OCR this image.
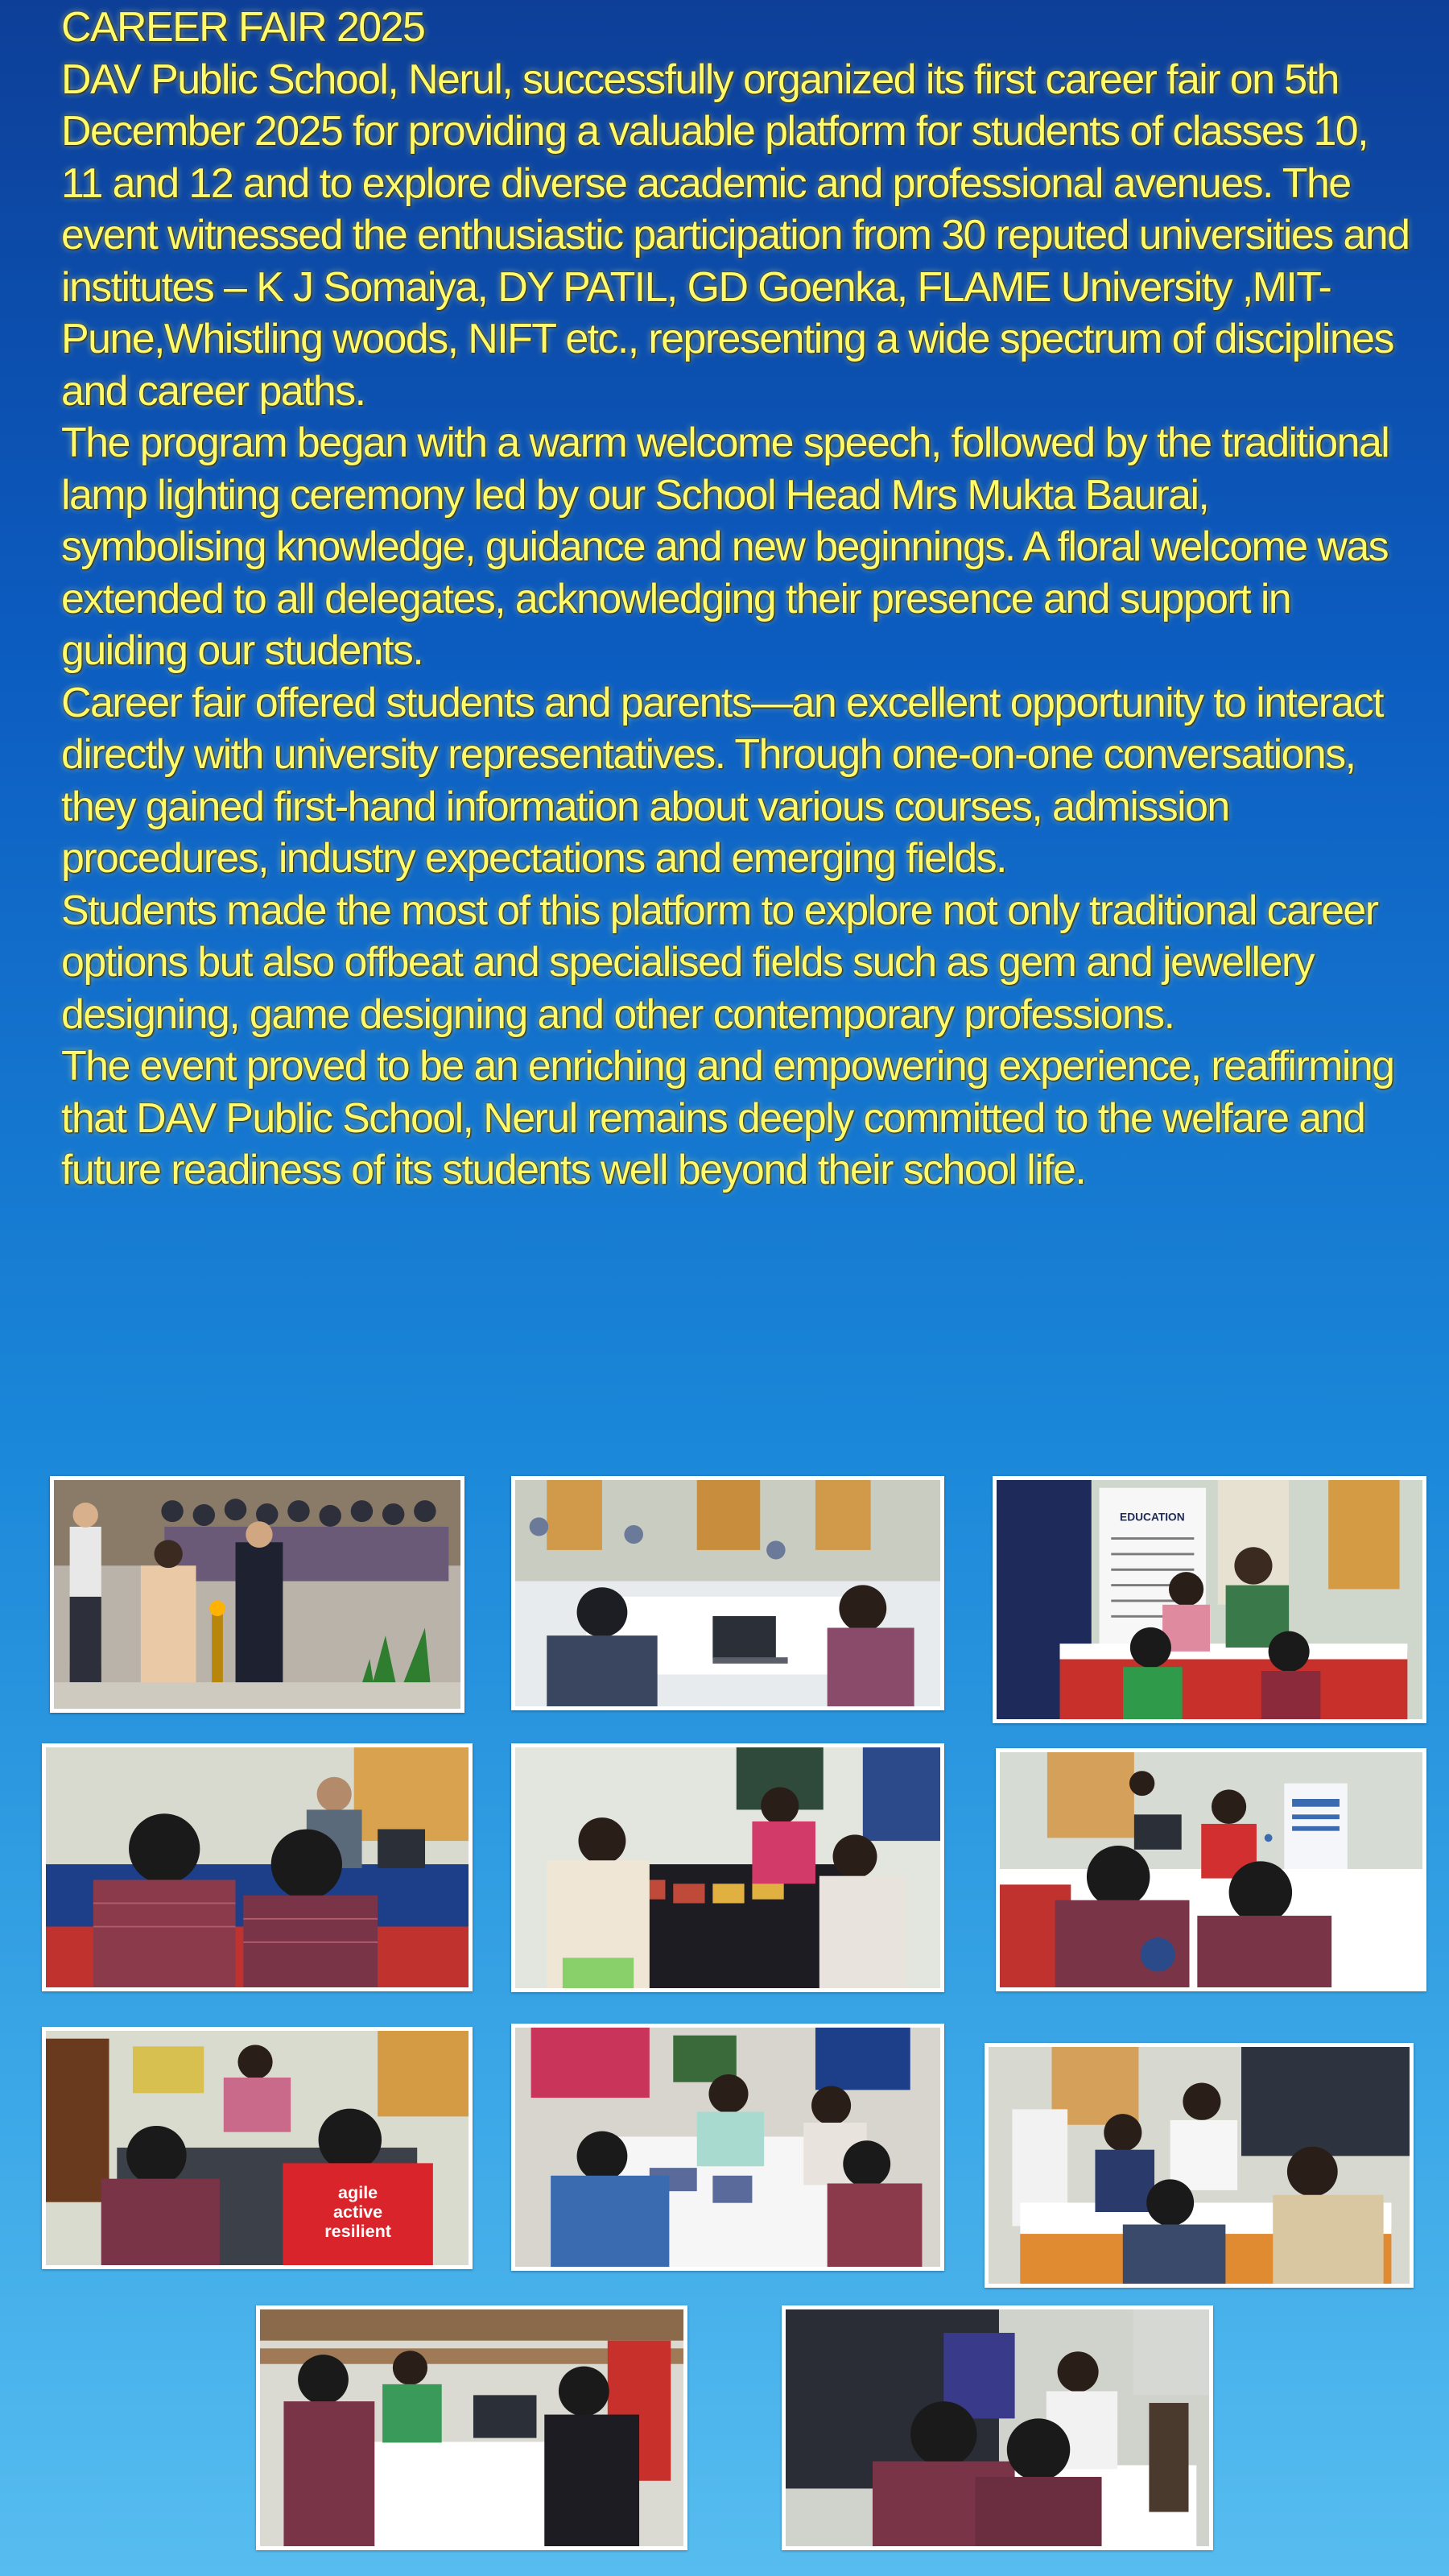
CAREER FAIR 2025

DAV Public School, Nerul, successfully organized its first career fair on 5th December 2025 for providing a valuable platform for students of classes 10, 11 and 12 and to explore diverse academic and professional avenues. The event witnessed the enthusiastic participation from 30 reputed universities and institutes – K J Somaiya, DY PATIL, GD Goenka, FLAME University ,MIT-Pune,Whistling woods, NIFT etc., representing a wide spectrum of disciplines and career paths.

The program began with a warm welcome speech, followed by the traditional lamp lighting ceremony led by our School Head Mrs Mukta Baurai, symbolising knowledge, guidance and new beginnings. A floral welcome was extended to all delegates, acknowledging their presence and support in guiding our students.

Career fair offered students and parents—an excellent opportunity to interact directly with university representatives. Through one-on-one conversations, they gained first-hand information about various courses, admission procedures, industry expectations and emerging fields.

Students made the most of this platform to explore not only traditional career options but also offbeat and specialised fields such as gem and jewellery designing, game designing and other contemporary professions.

The event proved to be an enriching and empowering experience, reaffirming that DAV Public School, Nerul remains deeply committed to the welfare and future readiness of its students well beyond their school life.

EDUCATION
agile
active
resilient
